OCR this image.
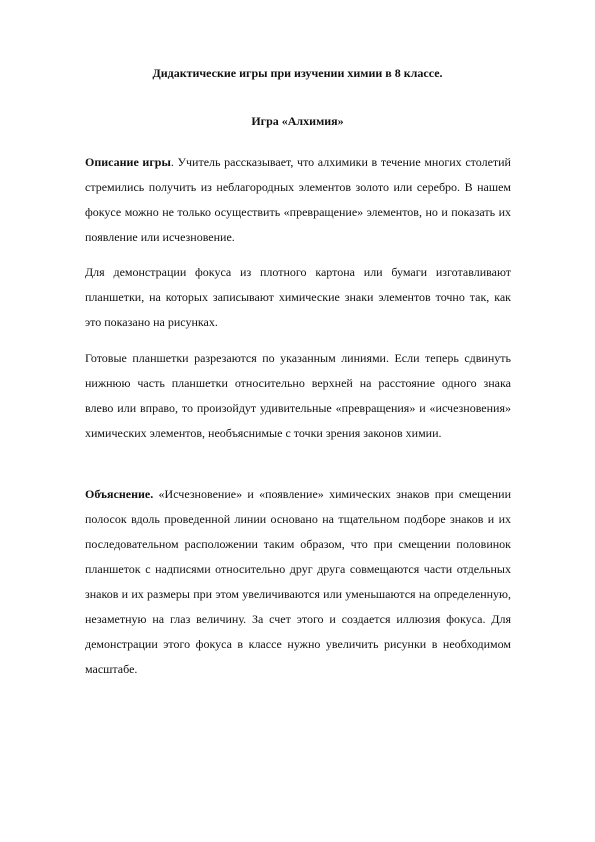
Дидактические игры при изучении химии в 8 классе.
Игра «Алхимия»

Описание игры. Учитель рассказывает, что алхимики в течение многих столетий стремились получить из неблагородных элементов золото или серебро. В нашем фокусе можно не только осуществить «превращение» элементов, но и показать их появление или исчезновение.

Для демонстрации фокуса из плотного картона или бумаги изготавливают планшетки, на которых записывают химические знаки элементов точно так, как это показано на рисунках.

Готовые планшетки разрезаются по указанным линиями. Если теперь сдвинуть нижнюю часть планшетки относительно верхней на расстояние одного знака влево или вправо, то произойдут удивительные «превращения» и «исчезновения» химических элементов, необъяснимые с точки зрения законов химии.

Объяснение. «Исчезновение» и «появление» химических знаков при смещении полосок вдоль проведенной линии основано на тщательном подборе знаков и их последовательном расположении таким образом, что при смещении половинок планшеток с надписями относительно друг друга совмещаются части отдельных знаков и их размеры при этом увеличиваются или уменьшаются на определенную, незаметную на глаз величину. За счет этого и создается иллюзия фокуса. Для демонстрации этого фокуса в классе нужно увеличить рисунки в необходимом масштабе.
